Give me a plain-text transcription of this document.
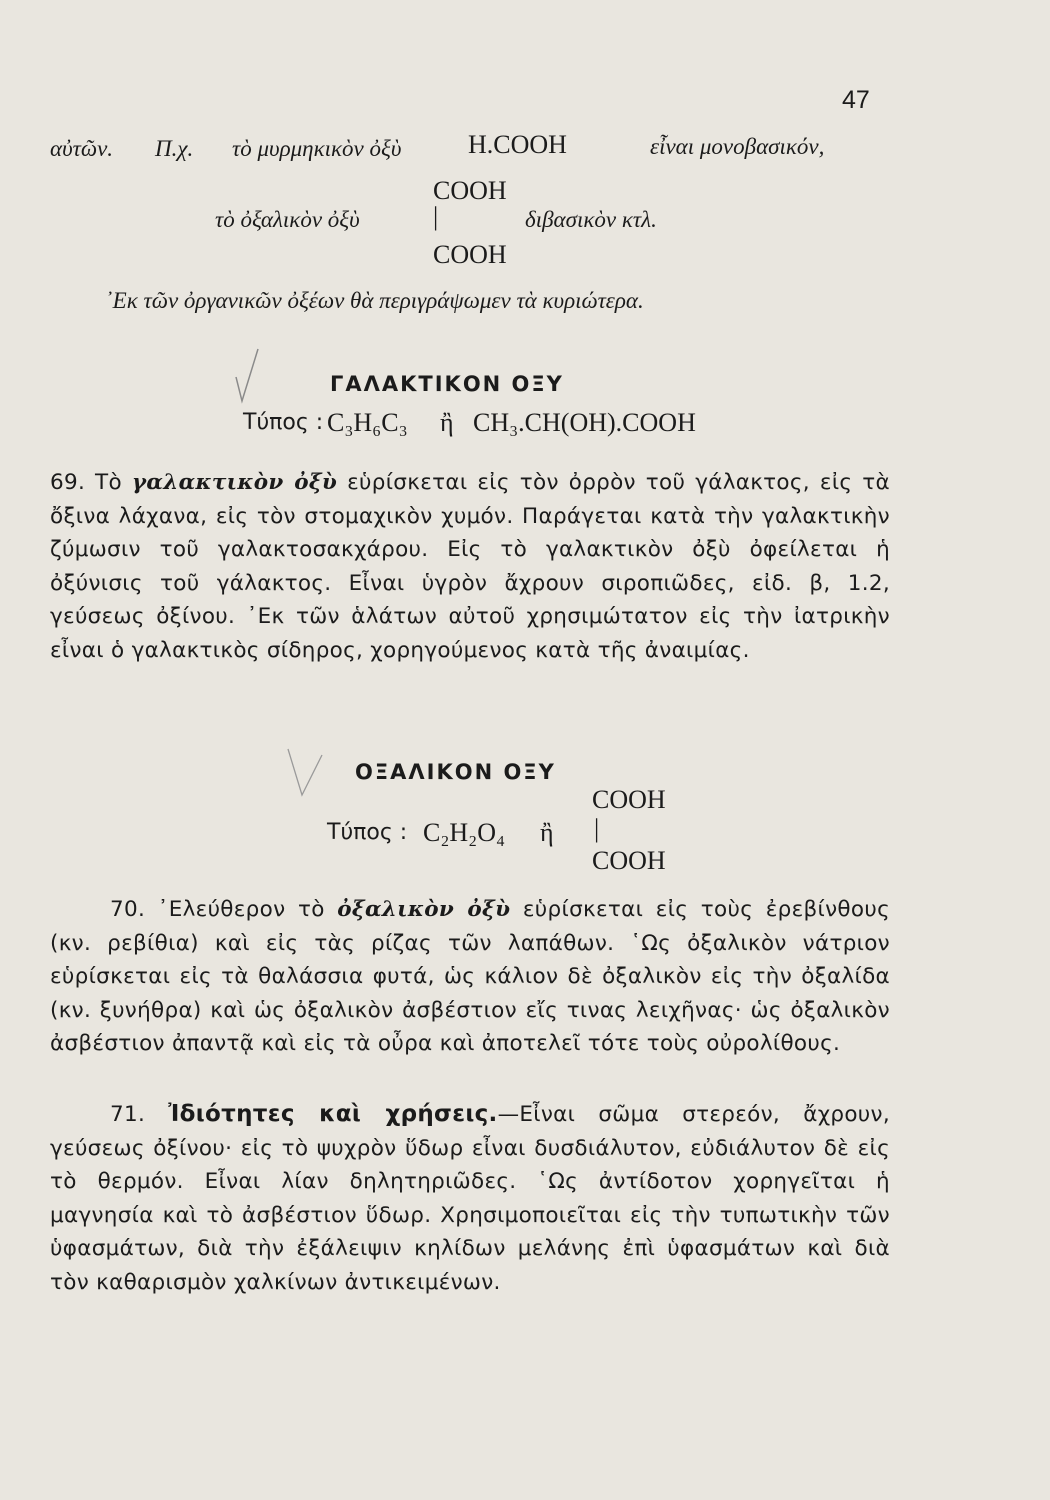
47
αὐτῶν. Π.χ. τὸ μυρμηκικὸν ὀξὺ	H.COOH	εἶναι μονοβασικόν,
COOH
τὸ ὀξαλικὸν ὀξὺ	|	διβασικὸν κτλ.
COOH
᾿Εκ τῶν ὀργανικῶν ὀξέων θὰ περιγράψωμεν τὰ κυριώτερα.
ΓΑΛΑΚΤΙΚΟΝ ΟΞΥ
Τύπος : C₃H₆C₃ ἢ CH₃.CH(OH).COOH
69. Τὸ γαλακτικὸν ὀξὺ εὑρίσκεται εἰς τὸν ὀρρὸν τοῦ γάλακτος, εἰς τὰ ὄξινα λάχανα, εἰς τὸν στομαχικὸν χυμόν. Παράγεται κατὰ τὴν γαλακτικὴν ζύμωσιν τοῦ γαλακτοσακχάρου. Εἰς τὸ γαλακτικὸν ὀξὺ ὀφείλεται ἡ ὀξύνισις τοῦ γάλακτος. Εἶναι ὑγρὸν ἄχρουν σιροπιῶδες, εἰδ. β, 1.2, γεύσεως ὀξίνου. ᾿Εκ τῶν ἁλάτων αὐτοῦ χρησιμώτατον εἰς τὴν ἰατρικὴν εἶναι ὁ γαλακτικὸς σίδηρος, χορηγούμενος κατὰ τῆς ἀναιμίας.
ΟΞΑΛΙΚΟΝ ΟΞΥ
COOH
Τύπος : C₂H₂O₄ ἢ |
COOH
70. ᾿Ελεύθερον τὸ ὀξαλικὸν ὀξὺ εὑρίσκεται εἰς τοὺς ἐρεβίνθους (κν. ρεβίθια) καὶ εἰς τὰς ρίζας τῶν λαπάθων. ῾Ως ὀξαλικὸν νάτριον εὑρίσκεται εἰς τὰ θαλάσσια φυτά, ὡς κάλιον δὲ ὀξαλικὸν εἰς τὴν ὀξαλίδα (κν. ξυνήθρα) καὶ ὡς ὀξαλικὸν ἀσβέστιον εἴς τινας λειχῆνας· ὡς ὀξαλικὸν ἀσβέστιον ἀπαντᾷ καὶ εἰς τὰ οὖρα καὶ ἀποτελεῖ τότε τοὺς οὐρολίθους.
71. Ἰδιότητες καὶ χρήσεις.—Εἶναι σῶμα στερεόν, ἄχρουν, γεύσεως ὀξίνου· εἰς τὸ ψυχρὸν ὕδωρ εἶναι δυσδιάλυτον, εὐδιάλυτον δὲ εἰς τὸ θερμόν. Εἶναι λίαν δηλητηριῶδες. ῾Ως ἀντίδοτον χορηγεῖται ἡ μαγνησία καὶ τὸ ἀσβέστιον ὕδωρ. Χρησιμοποιεῖται εἰς τὴν τυπωτικὴν τῶν ὑφασμάτων, διὰ τὴν ἐξάλειψιν κηλίδων μελάνης ἐπὶ ὑφασμάτων καὶ διὰ τὸν καθαρισμὸν χαλκίνων ἀντικειμένων.
